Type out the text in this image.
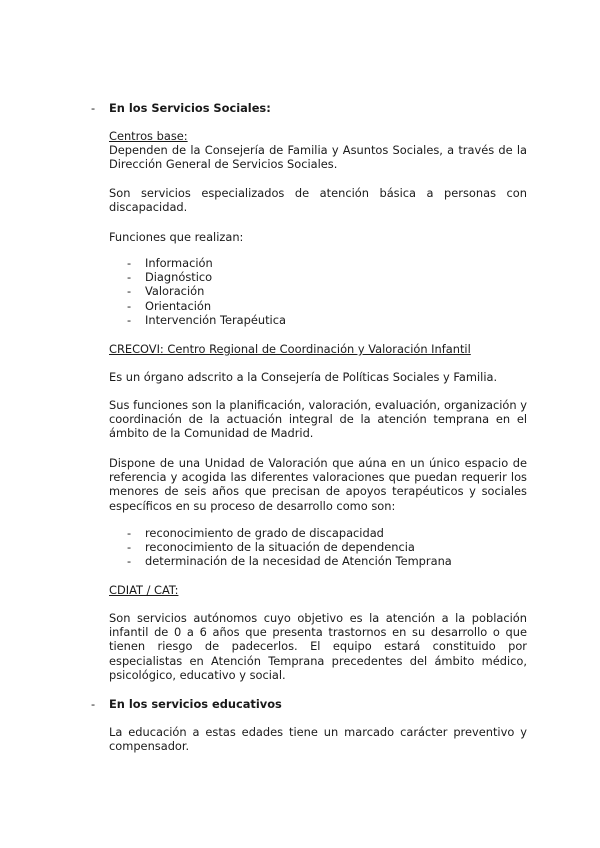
- En los Servicios Sociales:
Centros base:
Dependen de la Consejería de Familia y Asuntos Sociales, a través de la Dirección General de Servicios Sociales.
Son servicios especializados de atención básica a personas con discapacidad.
Funciones que realizan:
- Información
- Diagnóstico
- Valoración
- Orientación
- Intervención Terapéutica
CRECOVI: Centro Regional de Coordinación y Valoración Infantil
Es un órgano adscrito a la Consejería de Políticas Sociales y Familia.
Sus funciones son la planificación, valoración, evaluación, organización y coordinación de la actuación integral de la atención temprana en el ámbito de la Comunidad de Madrid.
Dispone de una Unidad de Valoración que aúna en un único espacio de referencia y acogida las diferentes valoraciones que puedan requerir los menores de seis años que precisan de apoyos terapéuticos y sociales específicos en su proceso de desarrollo como son:
- reconocimiento de grado de discapacidad
- reconocimiento de la situación de dependencia
- determinación de la necesidad de Atención Temprana
CDIAT / CAT:
Son servicios autónomos cuyo objetivo es la atención a la población infantil de 0 a 6 años que presenta trastornos en su desarrollo o que tienen riesgo de padecerlos. El equipo estará constituido por especialistas en Atención Temprana precedentes del ámbito médico, psicológico, educativo y social.
- En los servicios educativos
La educación a estas edades tiene un marcado carácter preventivo y compensador.
